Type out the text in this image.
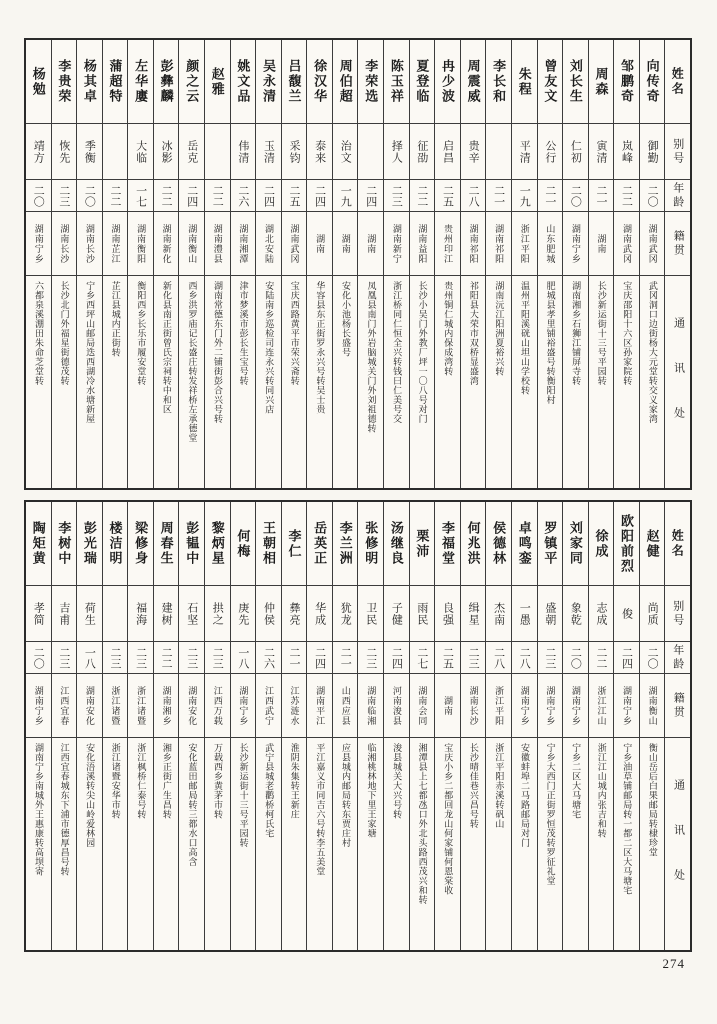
姓名
别号
年龄
籍贯
通讯处
向传奇
御勤
二〇
湖南武冈
武冈洞口边街杨大元堂转交义家湾
邹鹏奇
岚峰
二二
湖南武冈
宝庆邵阳十六区孙家院转
周森
寅清
二一
湖南
长沙新运街十三号平园转
刘长生
仁初
二〇
湖南宁乡
湖南湘乡石狮江铺屏寺转
曾友文
公行
二一
山东肥城
肥城县孝里铺裕盛号转衡阳村
朱程
平清
一九
浙江平阳
温州平阳溪硄山坦山学校转
李长和
二一
湖南祁阳
湖南沅江阳洲夏裕兴转
周震威
贵辛
二八
湖南祁阳
祁阳县大荣市双桥显盛湾
冉少波
启昌
二五
贵州印江
贵州铜仁城内保成湾转
夏登临
征劭
二二
湖南益阳
长沙小吴门外教厂坪一〇八号对门
陈玉祥
择人
二三
湖南新宁
浙江桥同仁恒全兴转钱曰仁美号交
李荣选
二四
湖南
凤凰县南门外岩脑城关门外刘祖德转
周伯超
治文
一九
湖南
安化小池杨长盛号
徐汉华
泰来
二四
湖南
华容县东正街罗永兴号转吴士贵
吕馥兰
采钧
二五
湖南武冈
宝庆西路黄平市荣兴斋转
吴永清
玉清
二四
湖北安陆
安陆南乡巡检司连永兴转同兴店
姚文品
伟清
二六
湖南湘潭
津市梦溪市彭长生宝号转
赵雅
二二
湖南澧县
湖南常德东门外二铺街彭合兴号转
颜之云
岳克
二四
湖南衡山
西乡洪罗庙记长盛庄转发祥桥左承德堂
彭彝麟
冰影
二二
湖南新化
新化县南正街曾氏宗祠转中和区
左华廔
大临
一七
湖南衡阳
衡阳西乡长乐市履安堂转
蒲超特
二二
湖南芷江
芷江县城内正街转
杨其卓
季衡
二〇
湖南长沙
宁乡西坪山邮局迭西湖冷水塘新屋
李贵荣
恢先
二三
湖南长沙
长沙北门外福星街德茂转
杨勉
靖方
二〇
湖南宁乡
六都泉溪淜田朱命芝堂转
姓名
别号
年龄
籍贯
通讯处
赵健
尚质
二〇
湖南衡山
衡山岳后白果邮局转棣珍堂
欧阳前烈
俊
二四
湖南宁乡
宁乡油草铺邮局转一都二区大马塘宅
徐成
志成
二二
浙江江山
浙江江山城内张吉和转
刘家同
象乾
二〇
湖南宁乡
宁乡二区大马塘宅
罗镇平
盛朝
二三
湖南宁乡
宁乡大西门正街罗恒茂转罗征礼堂
卓鸣銮
一愚
二八
湖南宁乡
安徽蚌埠二马路邮局对门
侯德林
杰南
二八
浙江平阳
浙江平阳赤溪转矾山
何兆洪
缉星
二三
湖南长沙
长沙晴佳巷兴昌号转
李福堂
良强
二五
湖南
宝庆小乡二都回龙山何家铺何恩棠收
栗沛
雨民
二七
湖南会同
湘潭县上七都氹口外北头路西茂兴和转
汤继良
子健
二四
河南浚县
浚县城关大兴号转
张修明
卫民
二三
湖南临湘
临湘桃林地下里王家塘
李兰洲
犹龙
二一
山西应县
应县城内邮局转东贾庄村
岳英正
华成
二四
湖南平江
平江嘉义市同吉六号转李五美堂
李仁
彝亮
二一
江苏涟水
淮阴朱集转王新庄
王朝相
仲侯
二六
江西武宁
武宁县城老鹳桥柯氏宅
何梅
庚先
一八
湖南宁乡
长沙新运街十三号平园转
黎炳星
拱之
二三
江西万载
万载西乡黄茅市转
彭韫中
石坚
二三
湖南安化
安化蓝田邮局转三都水口高含
周春生
建树
二二
湖南湘乡
湘乡正街广生昌转
梁修身
福海
二三
浙江诸暨
浙江枫桥仁泰号转
楼洁明
二三
浙江诸暨
浙江诸暨安华市转
彭光瑞
荷生
一八
湖南安化
安化浯溪转尖山岭爱林园
李树中
吉甫
二三
江西宜春
江西宜春城东下浦市德厚昌号转
陶矩黄
孝简
二〇
湖南宁乡
湖南宁乡南城外王惠康转高坝寄
274
